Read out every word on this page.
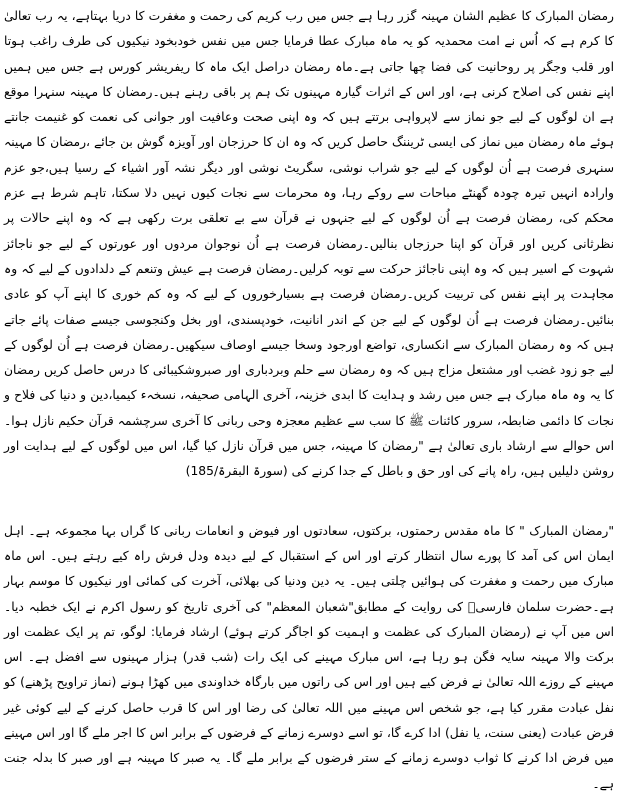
رمضان المبارک کا عظیم الشان مہینہ گزر رہا ہے جس میں رب کریم کی رحمت و مغفرت کا دریا بہتاہے، یہ رب تعالیٰ کا کرم ہے کہ اُس نے امت محمدیہ کو یہ ماہ مبارک عطا فرمایا جس میں نفس خودبخود نیکیوں کی طرف راغب ہوتا اور قلب وجگر پر روحانیت کی فضا چھا جاتی ہے۔ماہ رمضان دراصل ایک ماہ کا ریفریشر کورس ہے جس میں ہمیں اپنے نفس کی اصلاح کرنی ہے، اور اس کے اثرات گیارہ مہینوں تک ہم پر باقی رہنے ہیں۔رمضان کا مہینہ سنہرا موقع ہے ان لوگوں کے لیے جو نماز سے لاپرواہی برتتے ہیں کہ وہ اپنی صحت وعافیت اور جوانی کی نعمت کو غنیمت جانتے ہوئے ماہ رمضان میں نماز کی ایسی ٹریننگ حاصل کریں کہ وہ ان کا حرزجان اور آویزہ گوش بن جائے ،رمضان کا مہینہ سنہری فرصت ہے اُن لوگوں کے لیے جو شراب نوشی، سگریٹ نوشی اور دیگر نشہ آور اشیاء کے رسیا ہیں،جو عزم وارادہ انہیں تیرہ چودہ گھنٹے مباحات سے روکے رہا، وہ محرمات سے نجات کیوں نہیں دلا سکتا، تاہم شرط ہے عزم محکم کی، رمضان فرصت ہے اُن لوگوں کے لیے جنہوں نے قرآن سے بے تعلقی برت رکھی ہے کہ وہ اپنے حالات پر نظرثانی کریں اور قرآن کو اپنا حرزجاں بنالیں۔رمضان فرصت ہے اُن نوجوان مردوں اور عورتوں کے لیے جو ناجائز شہوت کے اسیر ہیں کہ وہ اپنی ناجائز حرکت سے توبہ کرلیں۔رمضان فرصت ہے عیش وتنعم کے دلدادوں کے لیے کہ وہ مجاہدت پر اپنے نفس کی تربیت کریں۔رمضان فرصت ہے بسیارخوروں کے لیے کہ وہ کم خوری کا اپنے آپ کو عادی بنائیں۔رمضان فرصت ہے اُن لوگوں کے لیے جن کے اندر انانیت، خودپسندی، اور بخل وکنجوسی جیسے صفات پائے جاتے ہیں کہ وہ رمضان المبارک سے انکساری، تواضع اورجود وسخا جیسے اوصاف سیکھیں۔رمضان فرصت ہے اُن لوگوں کے لیے جو زود غضب اور مشتعل مزاج ہیں کہ وہ رمضان سے حلم وبردباری اور صبروشکیبائی کا درس حاصل کریں رمضان کا یہ وہ ماہ مبارک ہے جس میں رشد و ہدایت کا ابدی خزینہ، آخری الہامی صحیفہ، نسخہء کیمیا،دین و دنیا کی فلاح و نجات کا دائمی ضابطہ، سرور کائنات ﷺ کا سب سے عظیم معجزہ وحی ربانی کا آخری سرچشمہ قرآن حکیم نازل ہوا۔ اس حوالے سے ارشاد باری تعالیٰ ہے "رمضان کا مہینہ، جس میں قرآن نازل کیا گیا، اس میں لوگوں کے لیے ہدایت اور روشن دلیلیں ہیں، راہ پانے کی اور حق و باطل کے جدا کرنے کی (سورۃ البقرۃ/185)

"رمضان المبارک " کا ماہ مقدس رحمتوں، برکتوں، سعادتوں اور فیوض و انعامات ربانی کا گراں بہا مجموعہ ہے۔ اہل ایمان اس کی آمد کا پورے سال انتظار کرتے اور اس کے استقبال کے لیے دیدہ ودل فرش راہ کیے رہتے ہیں۔ اس ماہ مبارک میں رحمت و مغفرت کی ہوائیں چلتی ہیں۔ یہ دین ودنیا کی بھلائی، آخرت کی کمائی اور نیکیوں کا موسم بہار ہے۔حضرت سلمان فارسیؓ کی روایت کے مطابق"شعبان المعظم" کی آخری تاریخ کو رسول اکرم نے ایک خطبہ دیا۔ اس میں آپ نے (رمضان المبارک کی عظمت و اہمیت کو اجاگر کرتے ہوئے) ارشاد فرمایا: لوگو، تم پر ایک عظمت اور برکت والا مہینہ سایہ فگن ہو رہا ہے، اس مبارک مہینے کی ایک رات (شب قدر) ہزار مہینوں سے افضل ہے۔ اس مہینے کے روزے اللہ تعالیٰ نے فرض کیے ہیں اور اس کی راتوں میں بارگاہ خداوندی میں کھڑا ہونے (نماز تراویح پڑھنے) کو نفل عبادت مقرر کیا ہے، جو شخص اس مہینے میں اللہ تعالیٰ کی رضا اور اس کا قرب حاصل کرنے کے لیے کوئی غیر فرض عبادت (یعنی سنت، یا نفل) ادا کرے گا، تو اسے دوسرے زمانے کے فرضوں کے برابر اس کا اجر ملے گا اور اس مہینے میں فرض ادا کرنے کا ثواب دوسرے زمانے کے ستر فرضوں کے برابر ملے گا۔ یہ صبر کا مہینہ ہے اور صبر کا بدلہ جنت ہے۔
